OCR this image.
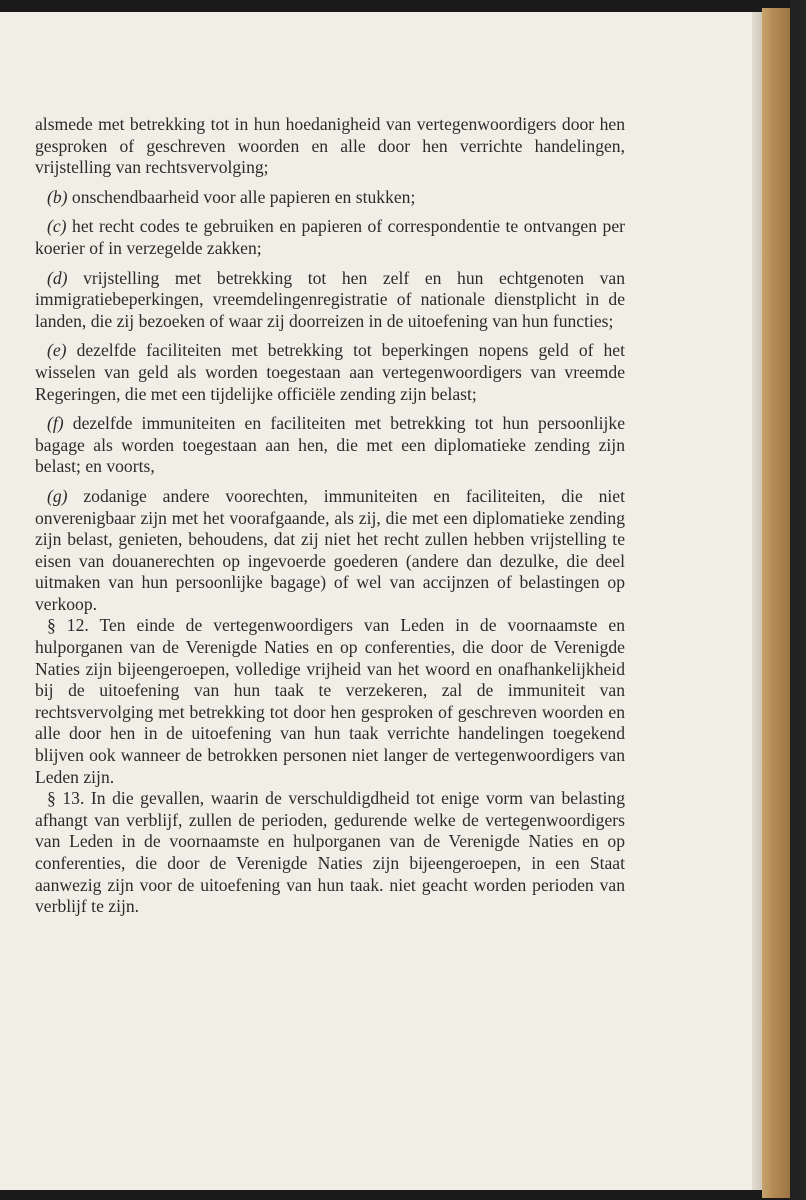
alsmede met betrekking tot in hun hoedanigheid van vertegenwoordigers door hen gesproken of geschreven woorden en alle door hen verrichte handelingen, vrijstelling van rechtsvervolging;

(b) onschendbaarheid voor alle papieren en stukken;

(c) het recht codes te gebruiken en papieren of correspondentie te ontvangen per koerier of in verzegelde zakken;

(d) vrijstelling met betrekking tot hen zelf en hun echtgenoten van immigratiebeperkingen, vreemdelingenregistratie of nationale dienstplicht in de landen, die zij bezoeken of waar zij doorreizen in de uitoefening van hun functies;

(e) dezelfde faciliteiten met betrekking tot beperkingen nopens geld of het wisselen van geld als worden toegestaan aan vertegenwoordigers van vreemde Regeringen, die met een tijdelijke officiële zending zijn belast;

(f) dezelfde immuniteiten en faciliteiten met betrekking tot hun persoonlijke bagage als worden toegestaan aan hen, die met een diplomatieke zending zijn belast; en voorts,

(g) zodanige andere voorechten, immuniteiten en faciliteiten, die niet onverenigbaar zijn met het voorafgaande, als zij, die met een diplomatieke zending zijn belast, genieten, behoudens, dat zij niet het recht zullen hebben vrijstelling te eisen van douanerechten op ingevoerde goederen (andere dan dezulke, die deel uitmaken van hun persoonlijke bagage) of wel van accijnzen of belastingen op verkoop.

§ 12. Ten einde de vertegenwoordigers van Leden in de voornaamste en hulporganen van de Verenigde Naties en op conferenties, die door de Verenigde Naties zijn bijeengeroepen, volledige vrijheid van het woord en onafhankelijkheid bij de uitoefening van hun taak te verzekeren, zal de immuniteit van rechtsvervolging met betrekking tot door hen gesproken of geschreven woorden en alle door hen in de uitoefening van hun taak verrichte handelingen toegekend blijven ook wanneer de betrokken personen niet langer de vertegenwoordigers van Leden zijn.

§ 13. In die gevallen, waarin de verschuldigdheid tot enige vorm van belasting afhangt van verblijf, zullen de perioden, gedurende welke de vertegenwoordigers van Leden in de voornaamste en hulporganen van de Verenigde Naties en op conferenties, die door de Verenigde Naties zijn bijeengeroepen, in een Staat aanwezig zijn voor de uitoefening van hun taak. niet geacht worden perioden van verblijf te zijn.
